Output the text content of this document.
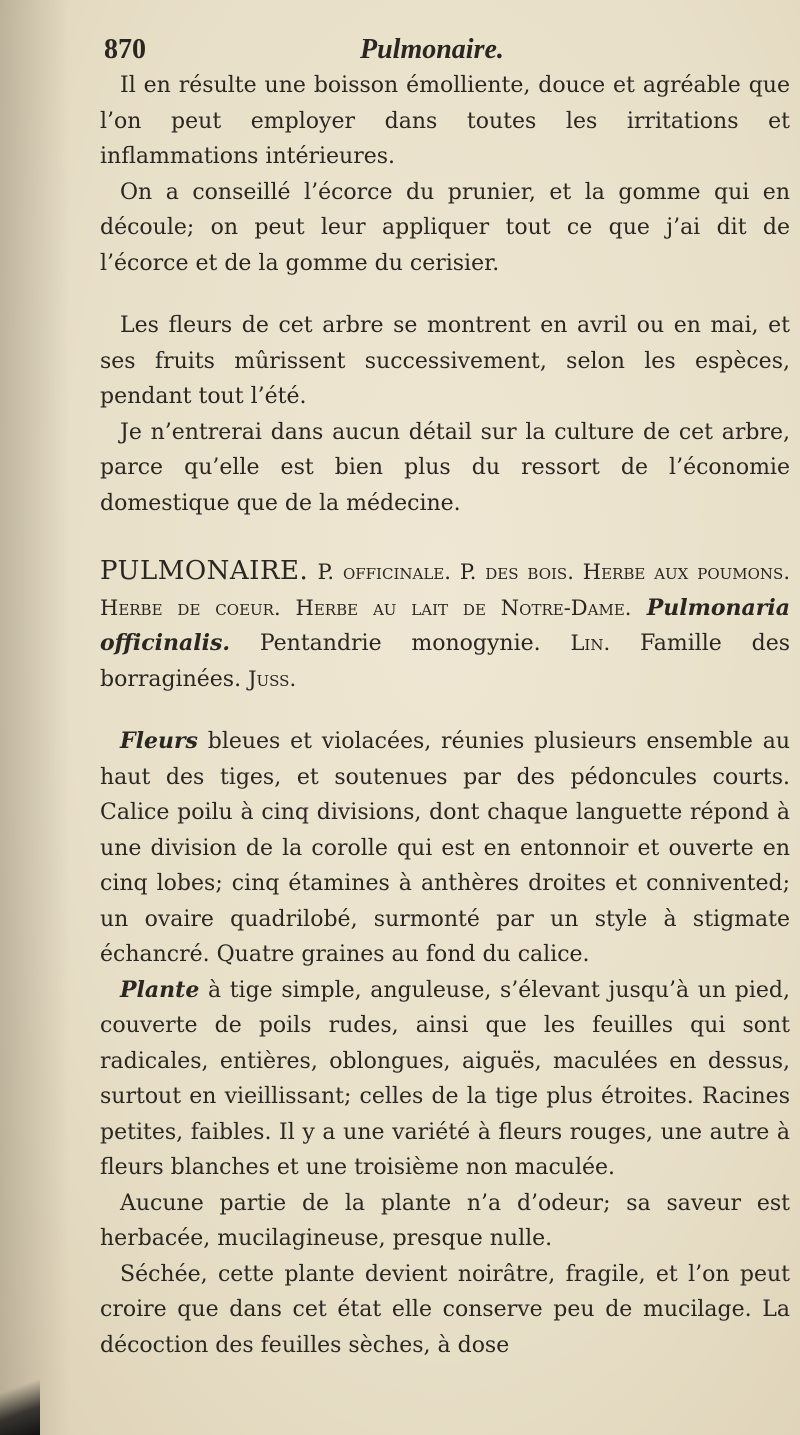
870	Pulmonaire.

Il en résulte une boisson émolliente, douce et agréable que l’on peut employer dans toutes les irritations et inflammations intérieures.

On a conseillé l’écorce du prunier, et la gomme qui en découle; on peut leur appliquer tout ce que j’ai dit de l’écorce et de la gomme du cerisier.

Les fleurs de cet arbre se montrent en avril ou en mai, et ses fruits mûrissent successivement, selon les espèces, pendant tout l’été.

Je n’entrerai dans aucun détail sur la culture de cet arbre, parce qu’elle est bien plus du ressort de l’économie domestique que de la médecine.

PULMONAIRE. P. officinale. P. des bois. Herbe aux poumons. Herbe de coeur. Herbe au lait de Notre-Dame. Pulmonaria officinalis. Pentandrie monogynie. Lin. Famille des borraginées. Juss.

Fleurs bleues et violacées, réunies plusieurs ensemble au haut des tiges, et soutenues par des pédoncules courts. Calice poilu à cinq divisions, dont chaque languette répond à une division de la corolle qui est en entonnoir et ouverte en cinq lobes; cinq étamines à anthères droites et connivented; un ovaire quadrilobé, surmonté par un style à stigmate échancré. Quatre graines au fond du calice.

Plante à tige simple, anguleuse, s’élevant jusqu’à un pied, couverte de poils rudes, ainsi que les feuilles qui sont radicales, entières, oblongues, aiguës, maculées en dessus, surtout en vieillissant; celles de la tige plus étroites. Racines petites, faibles. Il y a une variété à fleurs rouges, une autre à fleurs blanches et une troisième non maculée.

Aucune partie de la plante n’a d’odeur; sa saveur est herbacée, mucilagineuse, presque nulle.

Séchée, cette plante devient noirâtre, fragile, et l’on peut croire que dans cet état elle conserve peu de mucilage. La décoction des feuilles sèches, à dose
